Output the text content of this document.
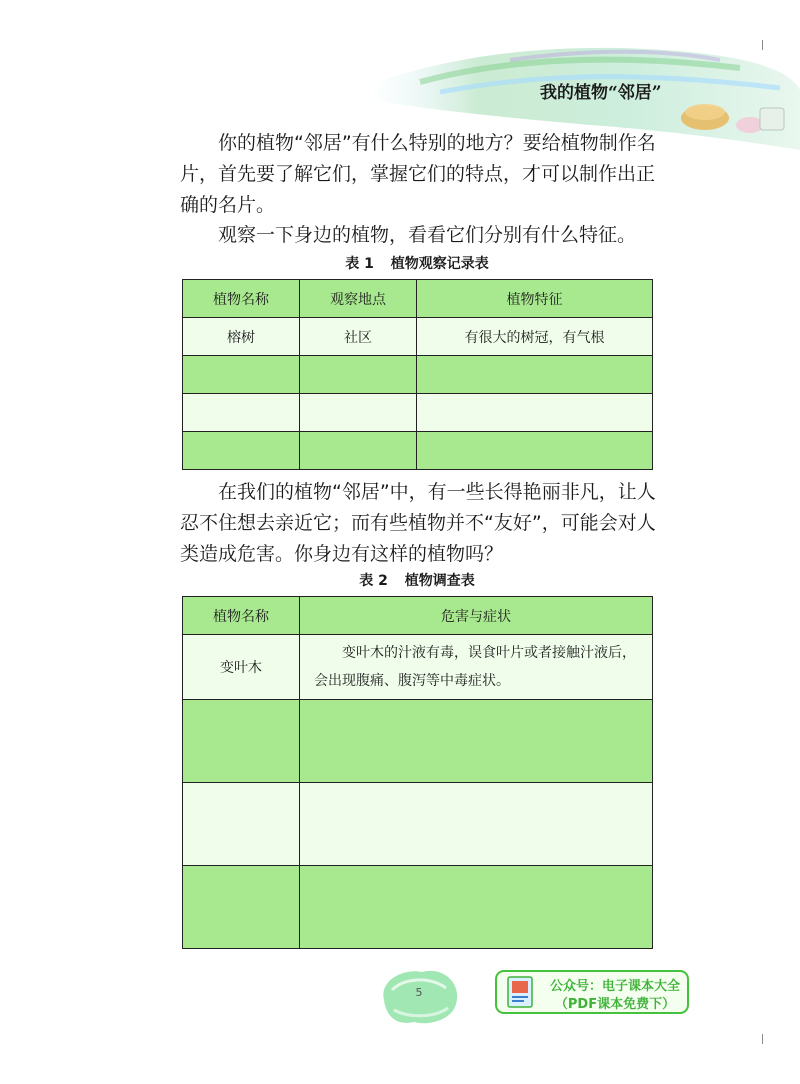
我的植物“邻居”

你的植物“邻居”有什么特别的地方？要给植物制作名片，首先要了解它们，掌握它们的特点，才可以制作出正确的名片。

观察一下身边的植物，看看它们分别有什么特征。

表 1 植物观察记录表
植物名称	观察地点	植物特征
榕树	社区	有很大的树冠，有气根

在我们的植物“邻居”中，有一些长得艳丽非凡，让人忍不住想去亲近它；而有些植物并不“友好”，可能会对人类造成危害。你身边有这样的植物吗？

表 2 植物调查表
植物名称	危害与症状
变叶木	变叶木的汁液有毒，误食叶片或者接触汁液后，会出现腹痛、腹泻等中毒症状。

5	公众号：电子课本大全
（PDF课本免费下）
